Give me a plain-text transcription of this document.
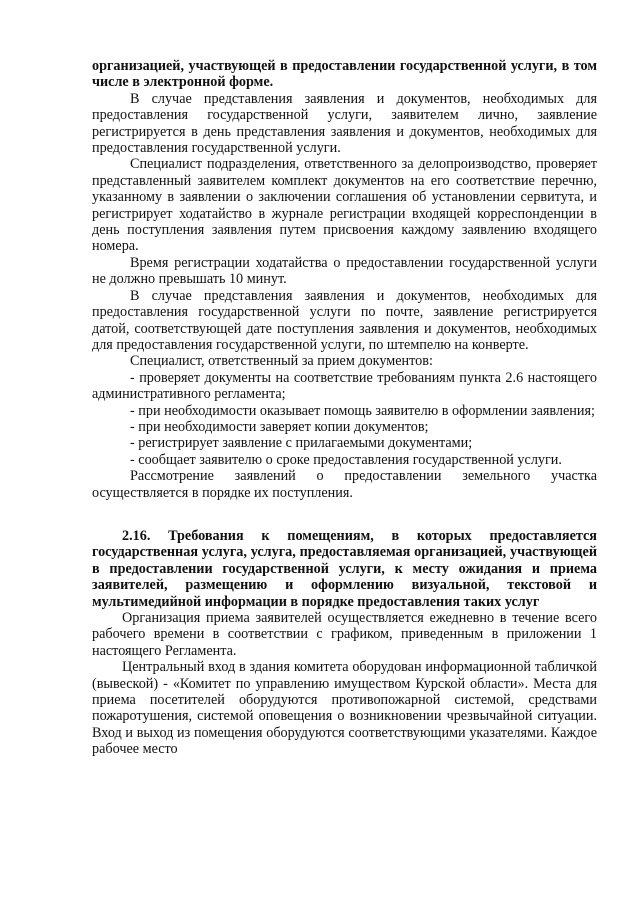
организацией, участвующей в предоставлении государственной услуги, в том числе в электронной форме.

В случае представления заявления и документов, необходимых для предоставления государственной услуги, заявителем лично, заявление регистрируется в день представления заявления и документов, необходимых для предоставления государственной услуги.

Специалист подразделения, ответственного за делопроизводство, проверяет представленный заявителем комплект документов на его соответствие перечню, указанному в заявлении о заключении соглашения об установлении сервитута, и регистрирует ходатайство в журнале регистрации входящей корреспонденции в день поступления заявления путем присвоения каждому заявлению входящего номера.

Время регистрации ходатайства о предоставлении государственной услуги не должно превышать 10 минут.

В случае представления заявления и документов, необходимых для предоставления государственной услуги по почте, заявление регистрируется датой, соответствующей дате поступления заявления и документов, необходимых для предоставления государственной услуги, по штемпелю на конверте.

Специалист, ответственный за прием документов:

- проверяет документы на соответствие требованиям пункта 2.6 настоящего административного регламента;

- при необходимости оказывает помощь заявителю в оформлении заявления;

- при необходимости заверяет копии документов;

- регистрирует заявление с прилагаемыми документами;

- сообщает заявителю о сроке предоставления государственной услуги.

Рассмотрение заявлений о предоставлении земельного участка осуществляется в порядке их поступления.

2.16. Требования к помещениям, в которых предоставляется государственная услуга, услуга, предоставляемая организацией, участвующей в предоставлении государственной услуги, к месту ожидания и приема заявителей, размещению и оформлению визуальной, текстовой и мультимедийной информации в порядке предоставления таких услуг

Организация приема заявителей осуществляется ежедневно в течение всего рабочего времени в соответствии с графиком, приведенным в приложении 1 настоящего Регламента.

Центральный вход в здания комитета оборудован информационной табличкой (вывеской) - «Комитет по управлению имуществом Курской области». Места для приема посетителей оборудуются противопожарной системой, средствами пожаротушения, системой оповещения о возникновении чрезвычайной ситуации. Вход и выход из помещения оборудуются соответствующими указателями. Каждое рабочее место
